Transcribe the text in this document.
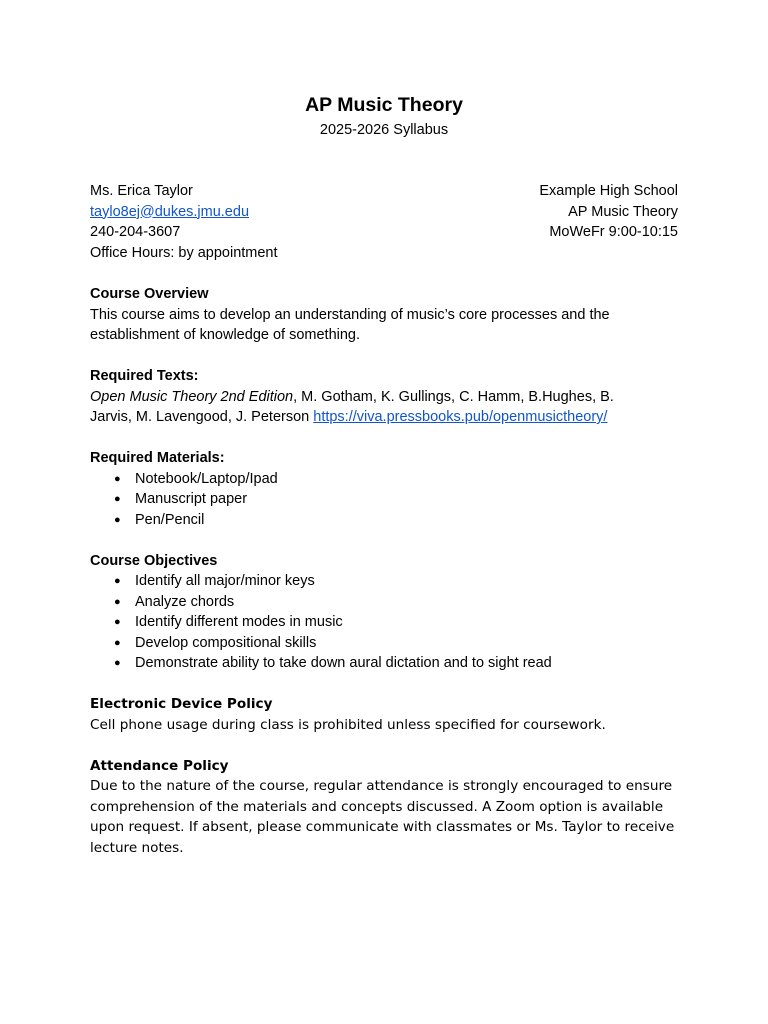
AP Music Theory
2025-2026 Syllabus
Ms. Erica Taylor
taylo8ej@dukes.jmu.edu
240-204-3607
Office Hours: by appointment
Example High School
AP Music Theory
MoWeFr 9:00-10:15
Course Overview
This course aims to develop an understanding of music’s core processes and the establishment of knowledge of something.
Required Texts:
Open Music Theory 2nd Edition, M. Gotham, K. Gullings, C. Hamm, B.Hughes, B.
Jarvis, M. Lavengood, J. Peterson https://viva.pressbooks.pub/openmusictheory/
Required Materials:
● Notebook/Laptop/Ipad
● Manuscript paper
● Pen/Pencil
Course Objectives
● Identify all major/minor keys
● Analyze chords
● Identify different modes in music
● Develop compositional skills
● Demonstrate ability to take down aural dictation and to sight read
Electronic Device Policy
Cell phone usage during class is prohibited unless specified for coursework.
Attendance Policy
Due to the nature of the course, regular attendance is strongly encouraged to ensure comprehension of the materials and concepts discussed. A Zoom option is available upon request. If absent, please communicate with classmates or Ms. Taylor to receive lecture notes.
